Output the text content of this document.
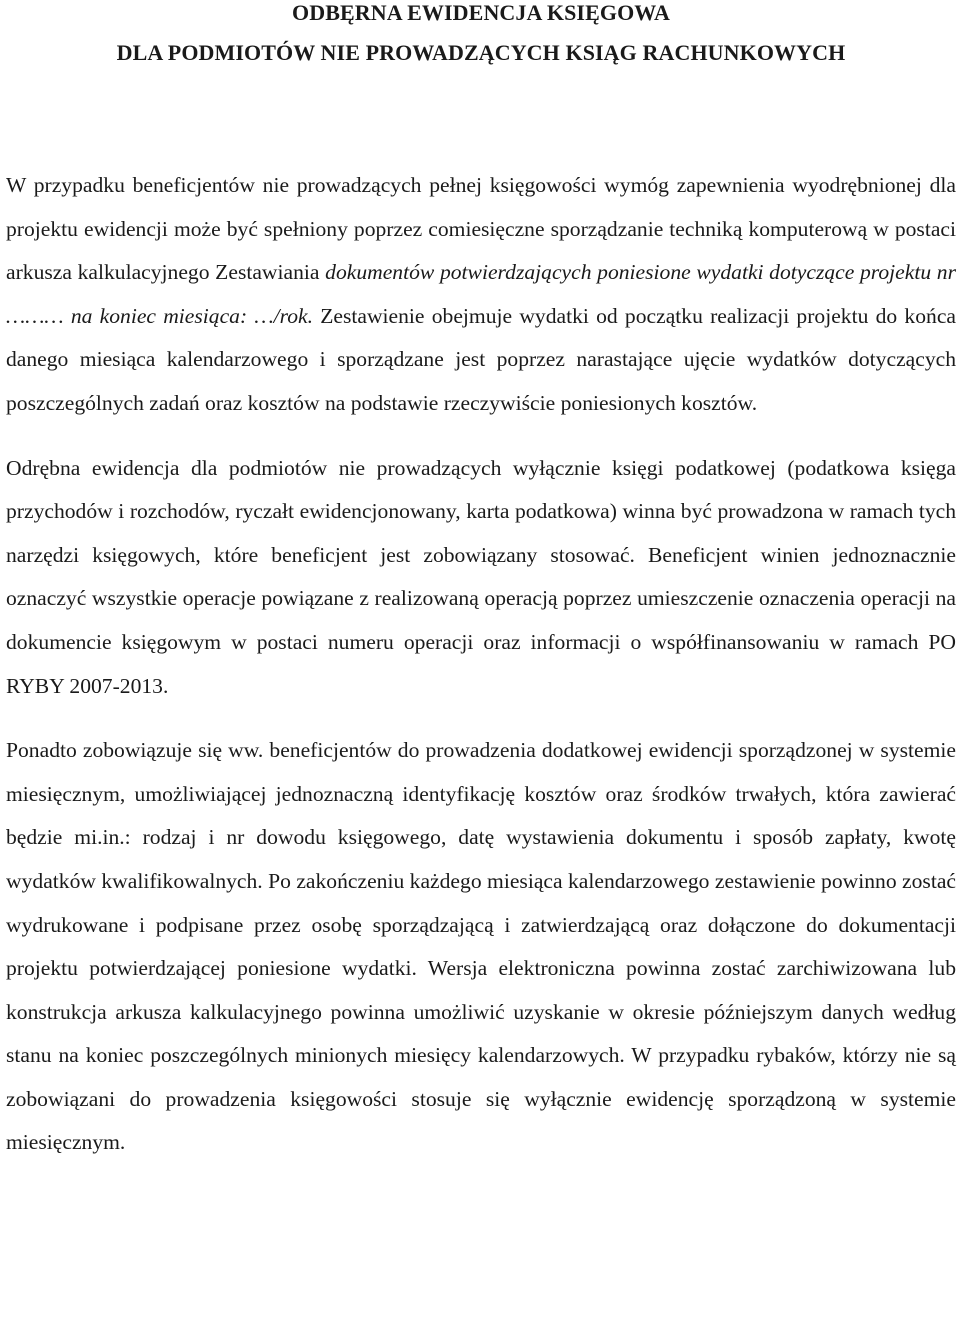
ODBĘRNA EWIDENCJA KSIĘGOWA
DLA PODMIOTÓW NIE PROWADZĄCYCH KSIĄG RACHUNKOWYCH

W przypadku beneficjentów nie prowadzących pełnej księgowości wymóg zapewnienia wyodrębnionej dla projektu ewidencji może być spełniony poprzez comiesięczne sporządzanie techniką komputerową w postaci arkusza kalkulacyjnego Zestawiania dokumentów potwierdzających poniesione wydatki dotyczące projektu nr ……… na koniec miesiąca: …/rok. Zestawienie obejmuje wydatki od początku realizacji projektu do końca danego miesiąca kalendarzowego i sporządzane jest poprzez narastające ujęcie wydatków dotyczących poszczególnych zadań oraz kosztów na podstawie rzeczywiście poniesionych kosztów.

Odrębna ewidencja dla podmiotów nie prowadzących wyłącznie księgi podatkowej (podatkowa księga przychodów i rozchodów, ryczałt ewidencjonowany, karta podatkowa) winna być prowadzona w ramach tych narzędzi księgowych, które beneficjent jest zobowiązany stosować. Beneficjent winien jednoznacznie oznaczyć wszystkie operacje powiązane z realizowaną operacją poprzez umieszczenie oznaczenia operacji na dokumencie księgowym w postaci numeru operacji oraz informacji o współfinansowaniu w ramach PO RYBY 2007-2013.

Ponadto zobowiązuje się ww. beneficjentów do prowadzenia dodatkowej ewidencji sporządzonej w systemie miesięcznym, umożliwiającej jednoznaczną identyfikację kosztów oraz środków trwałych, która zawierać będzie mi.in.: rodzaj i nr dowodu księgowego, datę wystawienia dokumentu i sposób zapłaty, kwotę wydatków kwalifikowalnych. Po zakończeniu każdego miesiąca kalendarzowego zestawienie powinno zostać wydrukowane i podpisane przez osobę sporządzającą i zatwierdzającą oraz dołączone do dokumentacji projektu potwierdzającej poniesione wydatki. Wersja elektroniczna powinna zostać zarchiwizowana lub konstrukcja arkusza kalkulacyjnego powinna umożliwić uzyskanie w okresie późniejszym danych według stanu na koniec poszczególnych minionych miesięcy kalendarzowych. W przypadku rybaków, którzy nie są zobowiązani do prowadzenia księgowości stosuje się wyłącznie ewidencję sporządzoną w systemie miesięcznym.
